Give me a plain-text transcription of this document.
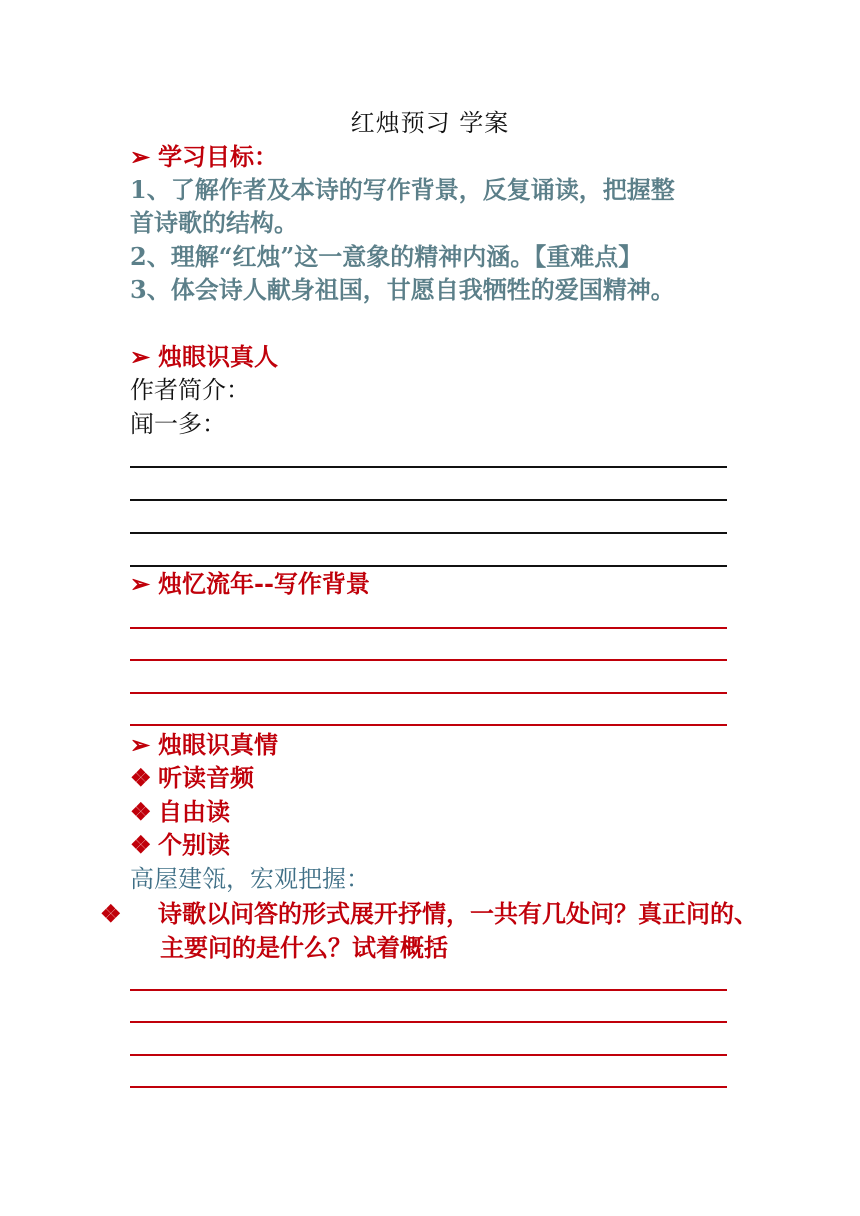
红烛预习 学案
➢ 学习目标：
1、了解作者及本诗的写作背景，反复诵读，把握整
首诗歌的结构。
2、理解“红烛”这一意象的精神内涵。【重难点】
3、体会诗人献身祖国，甘愿自我牺牲的爱国精神。
➢ 烛眼识真人
作者简介：
闻一多：
➢ 烛忆流年--写作背景
➢ 烛眼识真情
❖ 听读音频
❖ 自由读
❖ 个别读
高屋建瓴，宏观把握：
❖ 诗歌以问答的形式展开抒情，一共有几处问？真正问的、主要问的是什么？试着概括
